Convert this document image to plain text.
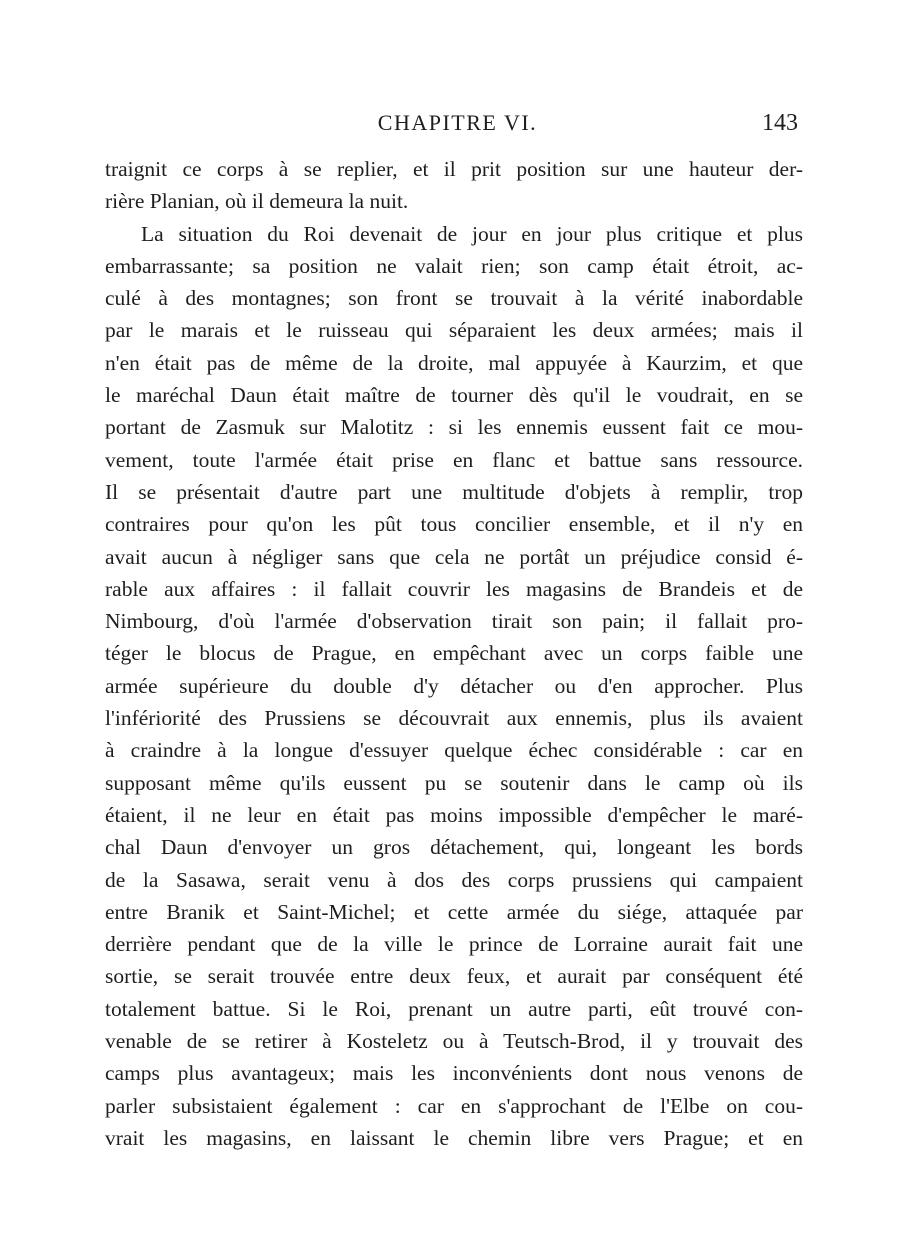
CHAPITRE VI.	143
traignit ce corps à se replier, et il prit position sur une hauteur der-
rière Planian, où il demeura la nuit.
La situation du Roi devenait de jour en jour plus critique et plus
embarrassante; sa position ne valait rien; son camp était étroit, ac-
culé à des montagnes; son front se trouvait à la vérité inabordable
par le marais et le ruisseau qui séparaient les deux armées; mais il
n'en était pas de même de la droite, mal appuyée à Kaurzim, et que
le maréchal Daun était maître de tourner dès qu'il le voudrait, en se
portant de Zasmuk sur Malotitz : si les ennemis eussent fait ce mou-
vement, toute l'armée était prise en flanc et battue sans ressource.
Il se présentait d'autre part une multitude d'objets à remplir, trop
contraires pour qu'on les pût tous concilier ensemble, et il n'y en
avait aucun à négliger sans que cela ne portât un préjudice consid é-
rable aux affaires : il fallait couvrir les magasins de Brandeis et de
Nimbourg, d'où l'armée d'observation tirait son pain; il fallait pro-
téger le blocus de Prague, en empêchant avec un corps faible une
armée supérieure du double d'y détacher ou d'en approcher. Plus
l'infériorité des Prussiens se découvrait aux ennemis, plus ils avaient
à craindre à la longue d'essuyer quelque échec considérable : car en
supposant même qu'ils eussent pu se soutenir dans le camp où ils
étaient, il ne leur en était pas moins impossible d'empêcher le maré-
chal Daun d'envoyer un gros détachement, qui, longeant les bords
de la Sasawa, serait venu à dos des corps prussiens qui campaient
entre Branik et Saint-Michel; et cette armée du siége, attaquée par
derrière pendant que de la ville le prince de Lorraine aurait fait une
sortie, se serait trouvée entre deux feux, et aurait par conséquent été
totalement battue. Si le Roi, prenant un autre parti, eût trouvé con-
venable de se retirer à Kosteletz ou à Teutsch-Brod, il y trouvait des
camps plus avantageux; mais les inconvénients dont nous venons de
parler subsistaient également : car en s'approchant de l'Elbe on cou-
vrait les magasins, en laissant le chemin libre vers Prague; et en
